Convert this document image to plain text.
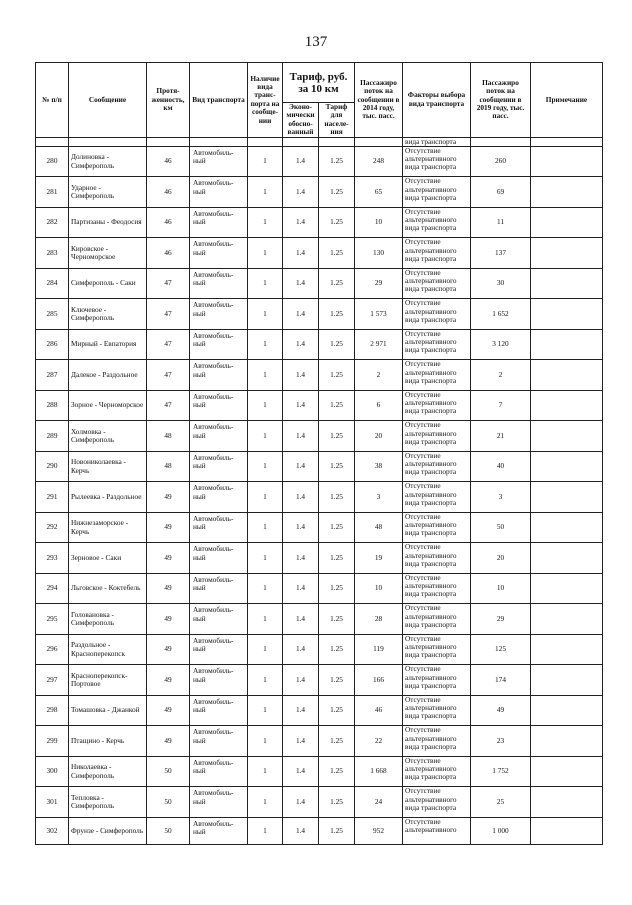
137
№ п/п	Сообщение	Протя-женность, км	Вид транспорта	Наличие вида транс-порта на сообще-нии	Тариф, руб. за 10 км		Пассажиро поток на сообщении в 2014 году, тыс. пасс.	Факторы выбора вида транспорта	Пассажиро поток на сообщении в 2019 году, тыс. пасс.	Примечание
					Эконо-мически обосно-ванный	Тариф для населе-ния				
								вида транспорта		
280	Долиновка - Симферополь	46	Автомобиль-ный	1	1.4	1.25	248	Отсутствие альтернативного вида транспорта	260	
281	Ударное - Симферополь	46	Автомобиль-ный	1	1.4	1.25	65	Отсутствие альтернативного вида транспорта	69	
282	Партизаны - Феодосия	46	Автомобиль-ный	1	1.4	1.25	10	Отсутствие альтернативного вида транспорта	11	
283	Кировское - Черноморское	46	Автомобиль-ный	1	1.4	1.25	130	Отсутствие альтернативного вида транспорта	137	
284	Симферополь - Саки	47	Автомобиль-ный	1	1.4	1.25	29	Отсутствие альтернативного вида транспорта	30	
285	Ключевое - Симферополь	47	Автомобиль-ный	1	1.4	1.25	1 573	Отсутствие альтернативного вида транспорта	1 652	
286	Мирный - Евпатория	47	Автомобиль-ный	1	1.4	1.25	2 971	Отсутствие альтернативного вида транспорта	3 120	
287	Далекое - Раздольное	47	Автомобиль-ный	1	1.4	1.25	2	Отсутствие альтернативного вида транспорта	2	
288	Зорное - Черноморское	47	Автомобиль-ный	1	1.4	1.25	6	Отсутствие альтернативного вида транспорта	7	
289	Холмовка - Симферополь	48	Автомобиль-ный	1	1.4	1.25	20	Отсутствие альтернативного вида транспорта	21	
290	Новониколаевка - Керчь	48	Автомобиль-ный	1	1.4	1.25	38	Отсутствие альтернативного вида транспорта	40	
291	Рылеевка - Раздольное	49	Автомобиль-ный	1	1.4	1.25	3	Отсутствие альтернативного вида транспорта	3	
292	Нижнезаморское - Керчь	49	Автомобиль-ный	1	1.4	1.25	48	Отсутствие альтернативного вида транспорта	50	
293	Зерновое - Саки	49	Автомобиль-ный	1	1.4	1.25	19	Отсутствие альтернативного вида транспорта	20	
294	Льговское - Коктебель	49	Автомобиль-ный	1	1.4	1.25	10	Отсутствие альтернативного вида транспорта	10	
295	Головановка - Симферополь	49	Автомобиль-ный	1	1.4	1.25	28	Отсутствие альтернативного вида транспорта	29	
296	Раздольное - Красноперекопск	49	Автомобиль-ный	1	1.4	1.25	119	Отсутствие альтернативного вида транспорта	125	
297	Красноперекопск-Портовое	49	Автомобиль-ный	1	1.4	1.25	166	Отсутствие альтернативного вида транспорта	174	
298	Томашовка - Джанкой	49	Автомобиль-ный	1	1.4	1.25	46	Отсутствие альтернативного вида транспорта	49	
299	Птащино - Керчь	49	Автомобиль-ный	1	1.4	1.25	22	Отсутствие альтернативного вида транспорта	23	
300	Николаевка - Симферополь	50	Автомобиль-ный	1	1.4	1.25	1 668	Отсутствие альтернативного вида транспорта	1 752	
301	Тепловка - Симферополь	50	Автомобиль-ный	1	1.4	1.25	24	Отсутствие альтернативного вида транспорта	25	
302	Фрунзе - Симферополь	50	Автомобиль-ный	1	1.4	1.25	952	Отсутствие альтернативного	1 000	
